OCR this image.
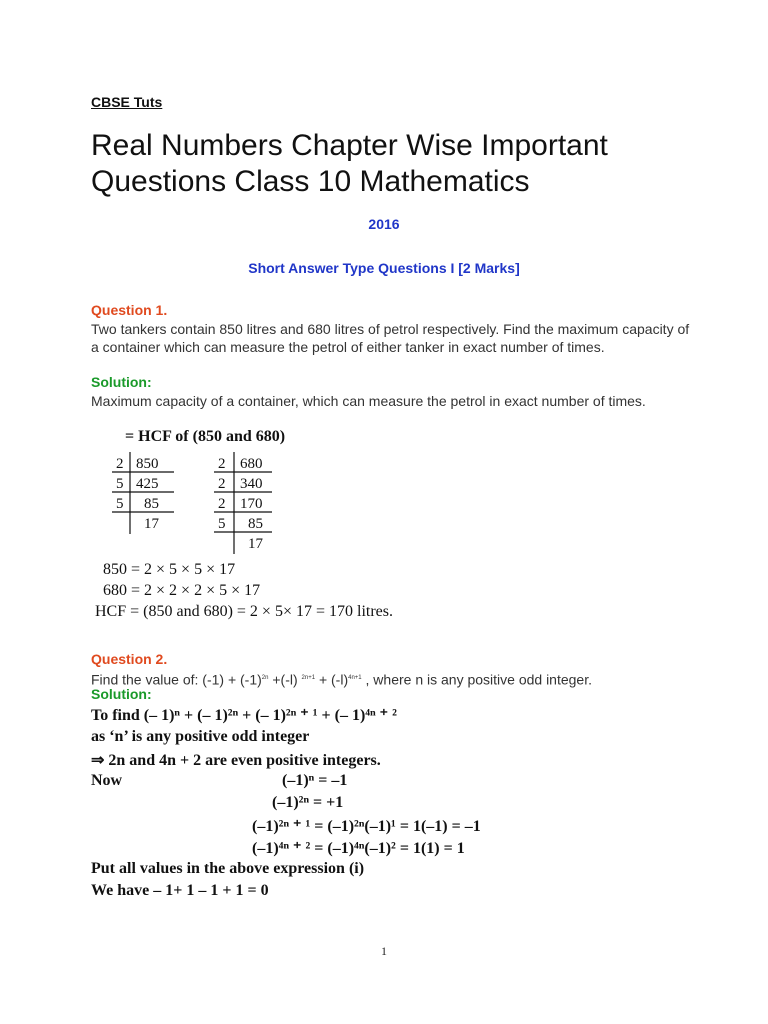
CBSE Tuts
Real Numbers Chapter Wise Important Questions Class 10 Mathematics
2016
Short Answer Type Questions I [2 Marks]
Question 1.
Two tankers contain 850 litres and 680 litres of petrol respectively. Find the maximum capacity of a container which can measure the petrol of either tanker in exact number of times.
Solution:
Maximum capacity of a container, which can measure the petrol in exact number of times.
= HCF of (850 and 680)
2
5
5
850
425
85
17
2
2
2
5
680
340
170
85
17
850 = 2 × 5 × 5 × 17
680 = 2 × 2 × 2 × 5 × 17
HCF = (850 and 680) = 2 × 5× 17 = 170 litres.
Question 2.
Find the value of: $(-1) + (-1)^{2n} +(-l) ^{2n+1} + (-l)^{4n+1}$ , where n is any positive odd integer.
Solution:
To find (– 1)ⁿ + (– 1)²ⁿ + (– 1)²ⁿ ⁺ ¹ + (– 1)⁴ⁿ ⁺ ²
as ‘n’ is any positive odd integer
⇒ 2n and 4n + 2 are even positive integers.
Now	(–1)ⁿ = –1
(–1)²ⁿ = +1
(–1)²ⁿ ⁺ ¹ = (–1)²ⁿ(–1)¹ = 1(–1) = –1
(–1)⁴ⁿ ⁺ ² = (–1)⁴ⁿ(–1)² = 1(1) = 1
Put all values in the above expression (i)
We have – 1+ 1 – 1 + 1 = 0
1
